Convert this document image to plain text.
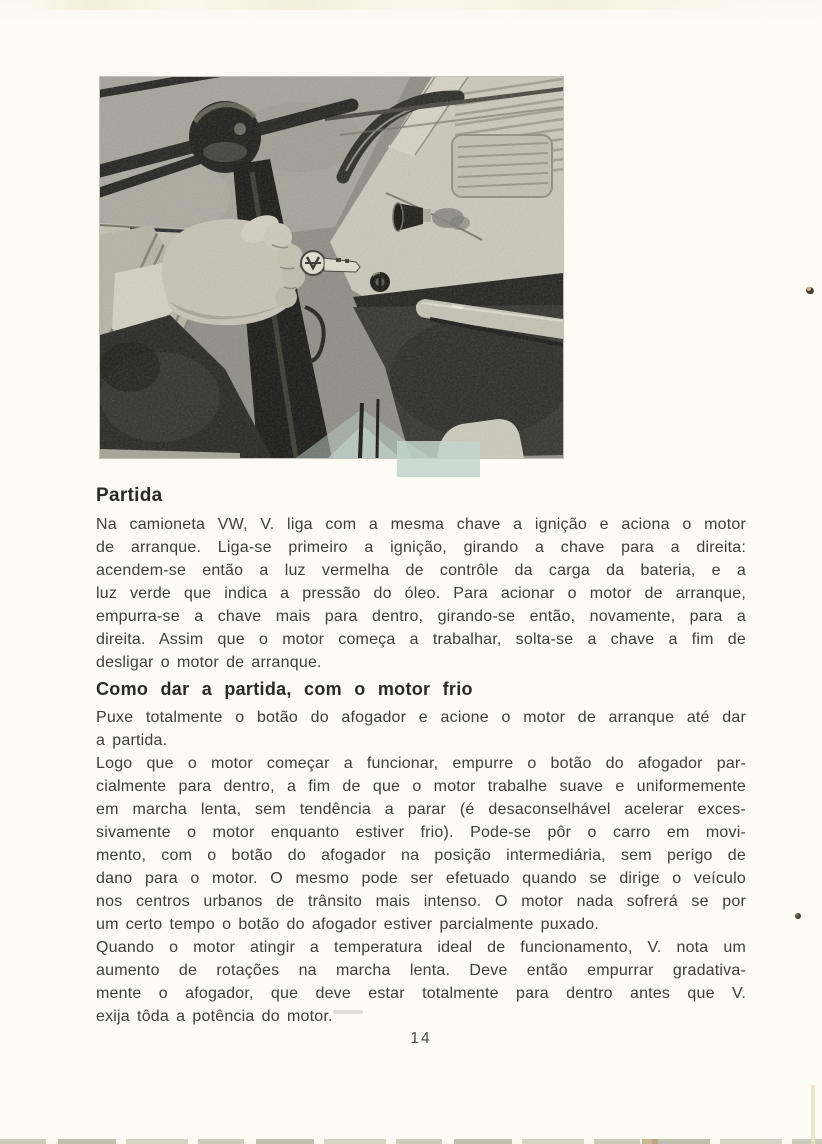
Partida
Na camioneta VW, V. liga com a mesma chave a ignição e aciona o motor
de arranque. Liga-se primeiro a ignição, girando a chave para a direita:
acendem-se então a luz vermelha de contrôle da carga da bateria, e a
luz verde que indica a pressão do óleo. Para acionar o motor de arranque,
empurra-se a chave mais para dentro, girando-se então, novamente, para a
direita. Assim que o motor começa a trabalhar, solta-se a chave a fim de
desligar o motor de arranque.
Como dar a partida, com o motor frio
Puxe totalmente o botão do afogador e acione o motor de arranque até dar
a partida.
Logo que o motor começar a funcionar, empurre o botão do afogador par-
cialmente para dentro, a fim de que o motor trabalhe suave e uniformemente
em marcha lenta, sem tendência a parar (é desaconselhável acelerar exces-
sivamente o motor enquanto estiver frio). Pode-se pôr o carro em movi-
mento, com o botão do afogador na posição intermediária, sem perigo de
dano para o motor. O mesmo pode ser efetuado quando se dirige o veículo
nos centros urbanos de trânsito mais intenso. O motor nada sofrerá se por
um certo tempo o botão do afogador estiver parcialmente puxado.
Quando o motor atingir a temperatura ideal de funcionamento, V. nota um
aumento de rotações na marcha lenta. Deve então empurrar gradativa-
mente o afogador, que deve estar totalmente para dentro antes que V.
exija tôda a potência do motor.
14
